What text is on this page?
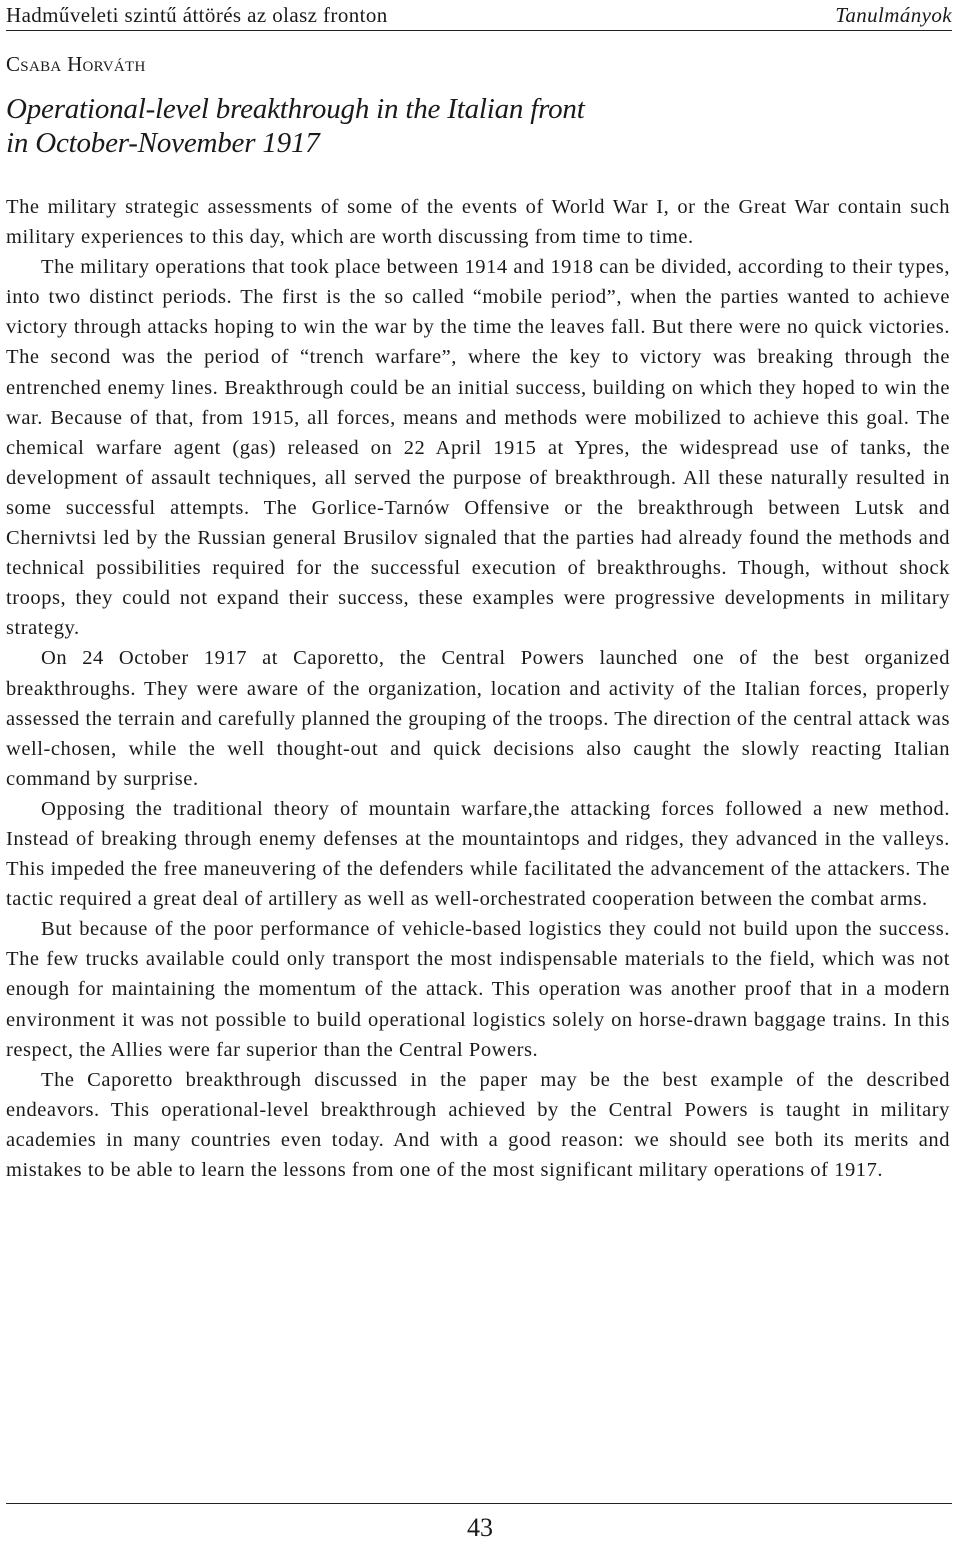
Hadműveleti szintű áttörés az olasz fronton	Tanulmányok
Csaba Horváth
Operational-level breakthrough in the Italian front
in October-November 1917

The military strategic assessments of some of the events of World War I, or the Great War contain such military experiences to this day, which are worth discussing from time to time.

The military operations that took place between 1914 and 1918 can be divided, according to their types, into two distinct periods. The first is the so called “mobile period”, when the parties wanted to achieve victory through attacks hoping to win the war by the time the leaves fall. But there were no quick victories. The second was the period of “trench warfare”, where the key to victory was breaking through the entrenched enemy lines. Breakthrough could be an initial success, building on which they hoped to win the war. Because of that, from 1915, all forces, means and methods were mobilized to achieve this goal. The chemical warfare agent (gas) released on 22 April 1915 at Ypres, the widespread use of tanks, the development of assault techniques, all served the purpose of breakthrough. All these naturally resulted in some successful attempts. The Gorlice-Tarnów Offensive or the breakthrough between Lutsk and Chernivtsi led by the Russian general Brusilov signaled that the parties had already found the methods and technical possibilities required for the successful execution of breakthroughs. Though, without shock troops, they could not expand their success, these examples were progressive developments in military strategy.

On 24 October 1917 at Caporetto, the Central Powers launched one of the best organized breakthroughs. They were aware of the organization, location and activity of the Italian forces, properly assessed the terrain and carefully planned the grouping of the troops. The direction of the central attack was well-chosen, while the well thought-out and quick decisions also caught the slowly reacting Italian command by surprise.

Opposing the traditional theory of mountain warfare,the attacking forces followed a new method. Instead of breaking through enemy defenses at the mountaintops and ridges, they advanced in the valleys. This impeded the free maneuvering of the defenders while facilitated the advancement of the attackers. The tactic required a great deal of artillery as well as well-orchestrated cooperation between the combat arms.

But because of the poor performance of vehicle-based logistics they could not build upon the success. The few trucks available could only transport the most indispensable materials to the field, which was not enough for maintaining the momentum of the attack. This operation was another proof that in a modern environment it was not possible to build operational logistics solely on horse-drawn baggage trains. In this respect, the Allies were far superior than the Central Powers.

The Caporetto breakthrough discussed in the paper may be the best example of the described endeavors. This operational-level breakthrough achieved by the Central Powers is taught in military academies in many countries even today. And with a good reason: we should see both its merits and mistakes to be able to learn the lessons from one of the most significant military operations of 1917.

43
